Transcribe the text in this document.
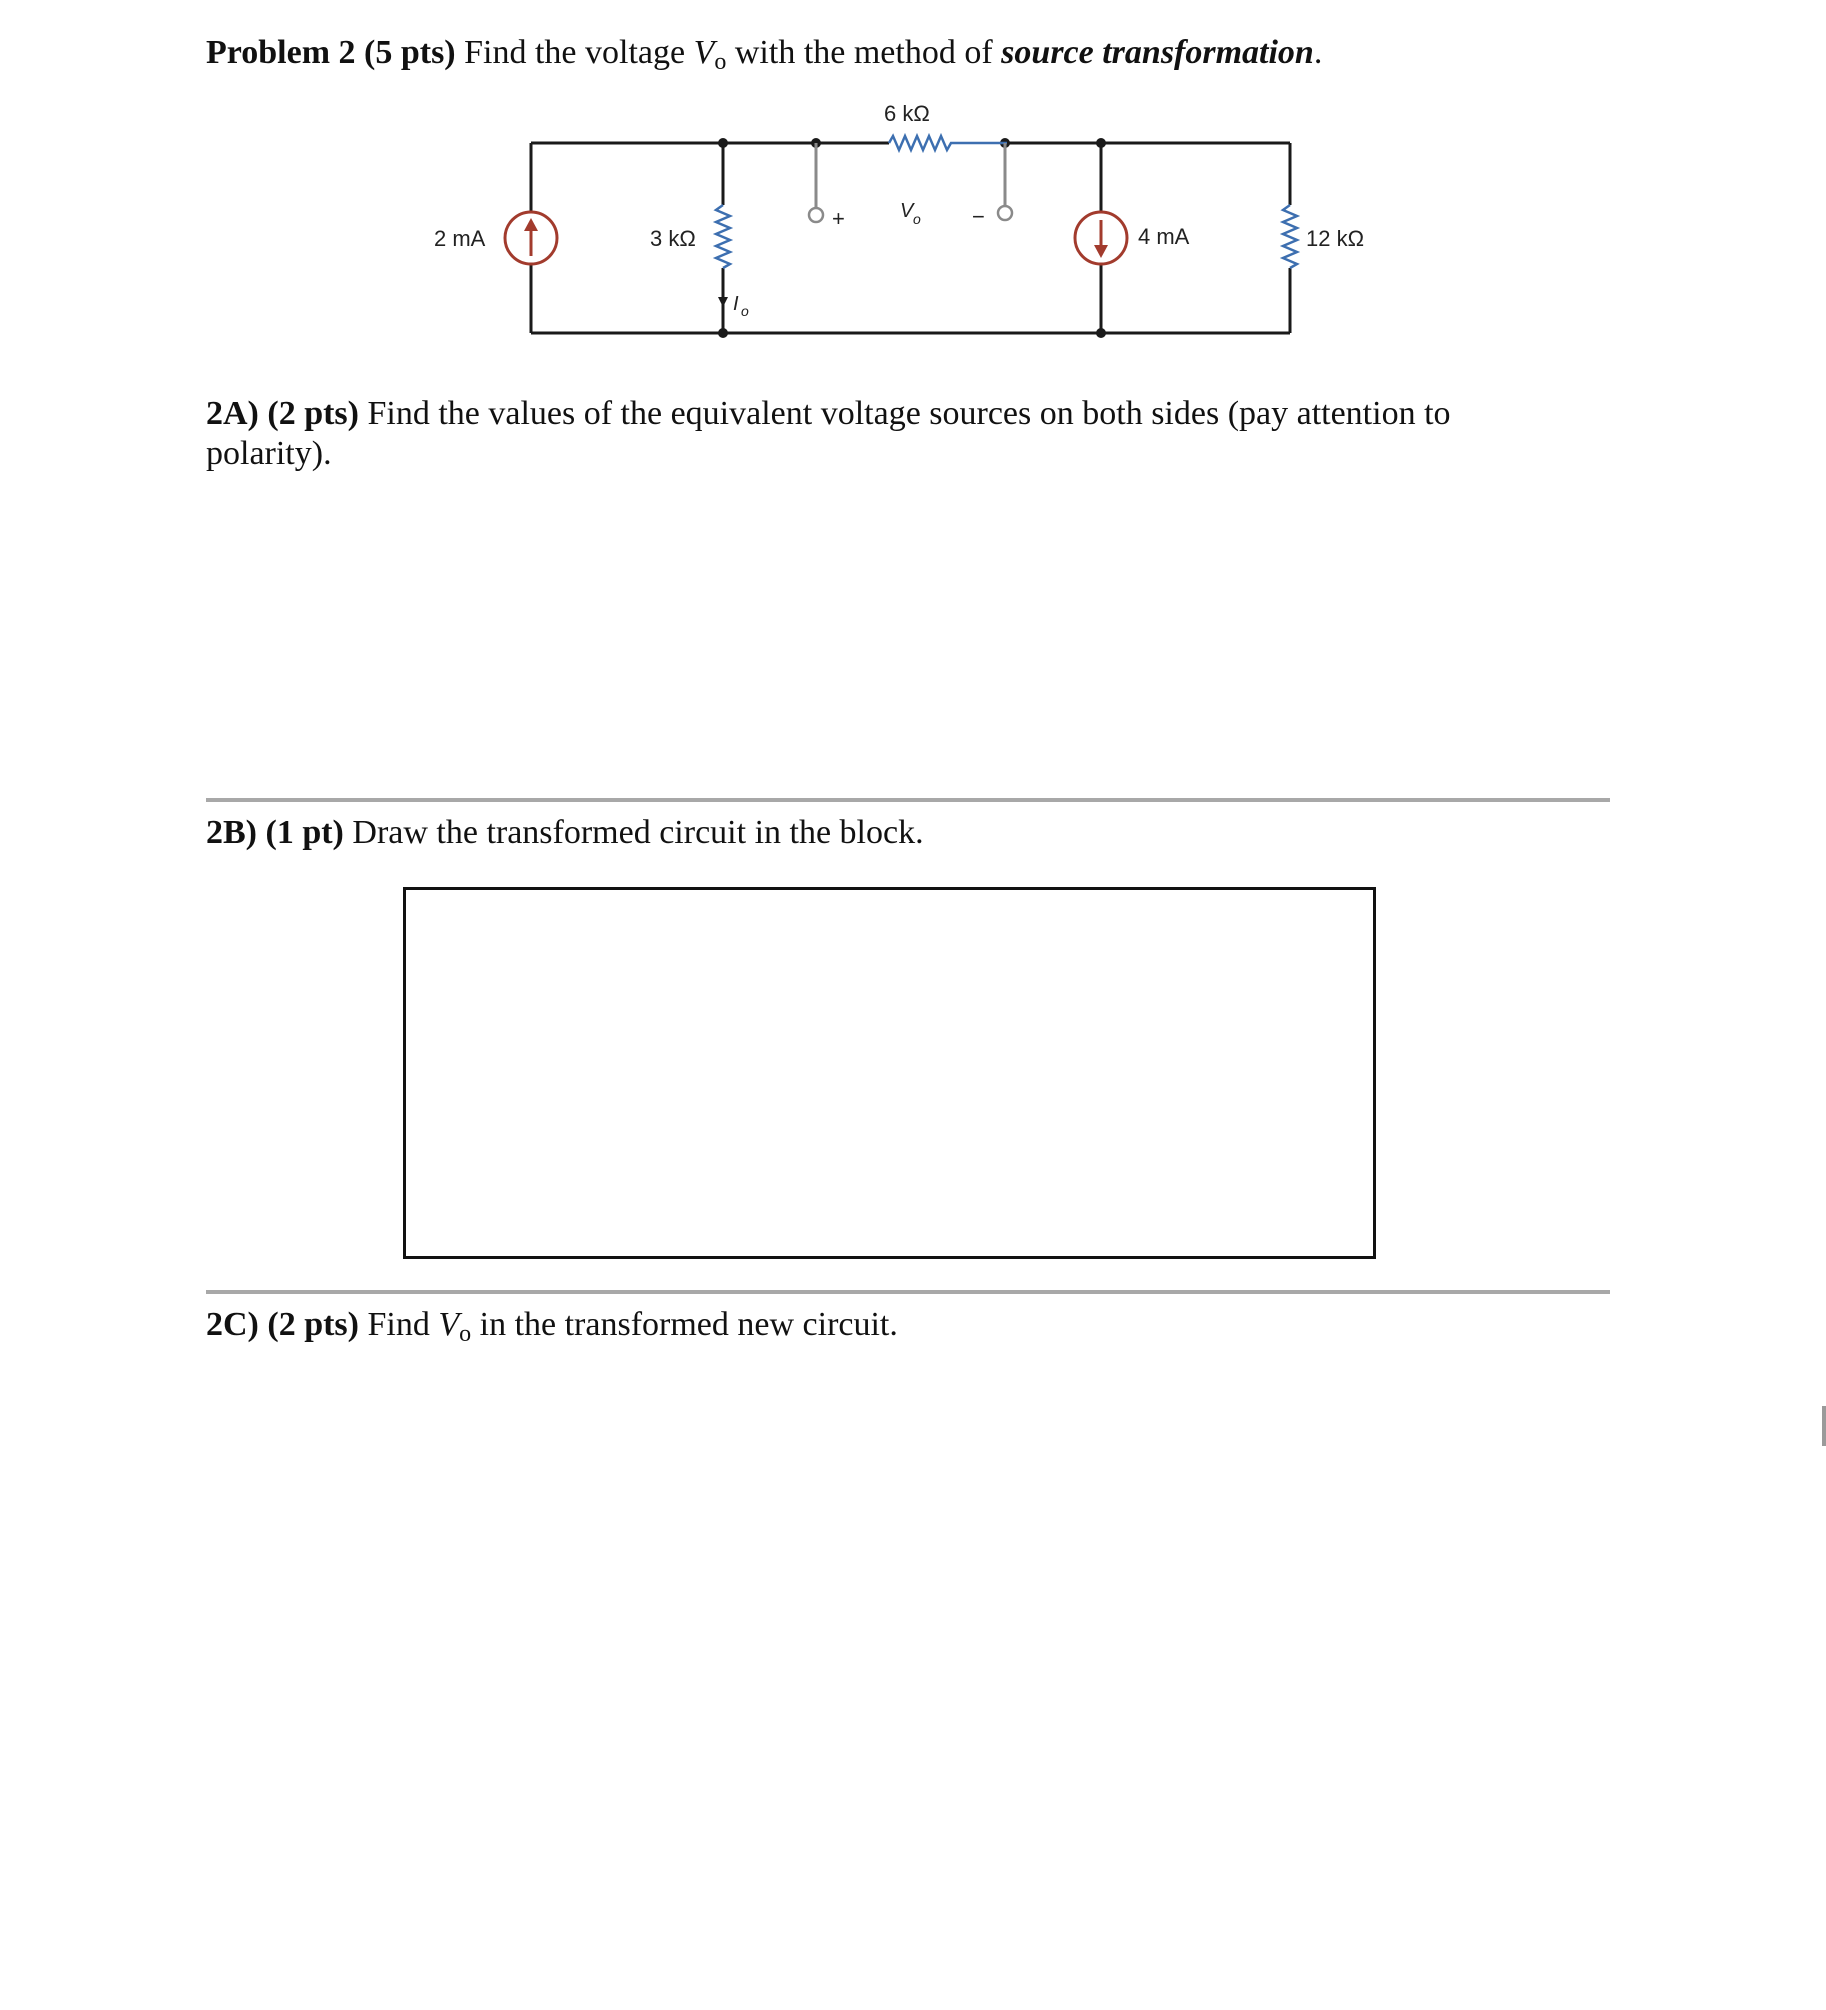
Problem 2 (5 pts) Find the voltage Vo with the method of source transformation.
2 mA	3 kΩ
6 kΩ
4 mA	12 kΩ
+	−
V o
I o
2A) (2 pts) Find the values of the equivalent voltage sources on both sides (pay attention to
polarity).
2B) (1 pt) Draw the transformed circuit in the block.
2C) (2 pts) Find Vo in the transformed new circuit.
